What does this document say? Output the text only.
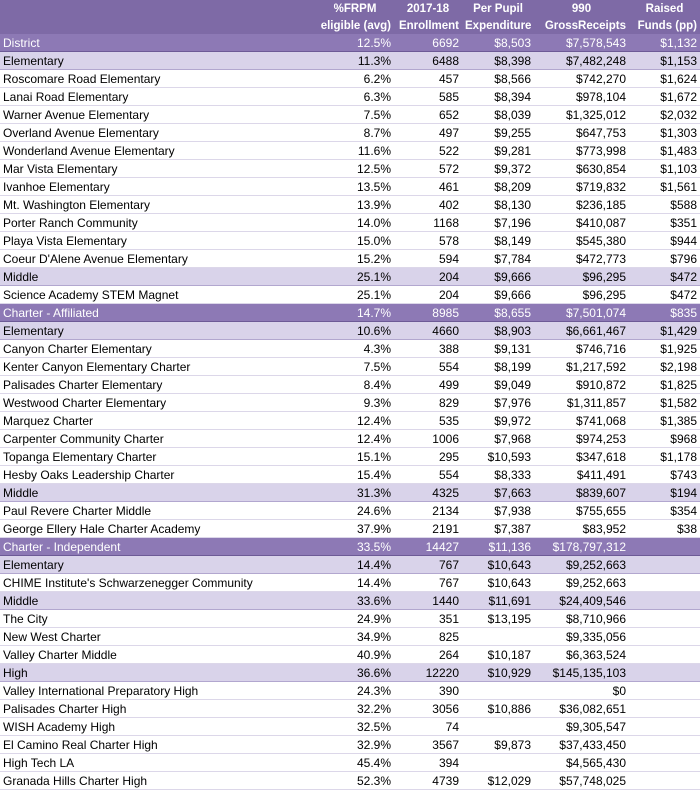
	%FRPM	2017-18	Per Pupil	990	Raised
	eligible (avg)	Enrollment	Expenditure	GrossReceipts	Funds (pp)
District	12.5%	6692	$8,503	$7,578,543	$1,132
Elementary	11.3%	6488	$8,398	$7,482,248	$1,153
Roscomare Road Elementary	6.2%	457	$8,566	$742,270	$1,624
Lanai Road Elementary	6.3%	585	$8,394	$978,104	$1,672
Warner Avenue Elementary	7.5%	652	$8,039	$1,325,012	$2,032
Overland Avenue Elementary	8.7%	497	$9,255	$647,753	$1,303
Wonderland Avenue Elementary	11.6%	522	$9,281	$773,998	$1,483
Mar Vista Elementary	12.5%	572	$9,372	$630,854	$1,103
Ivanhoe Elementary	13.5%	461	$8,209	$719,832	$1,561
Mt. Washington Elementary	13.9%	402	$8,130	$236,185	$588
Porter Ranch Community	14.0%	1168	$7,196	$410,087	$351
Playa Vista Elementary	15.0%	578	$8,149	$545,380	$944
Coeur D'Alene Avenue Elementary	15.2%	594	$7,784	$472,773	$796
Middle	25.1%	204	$9,666	$96,295	$472
Science Academy STEM Magnet	25.1%	204	$9,666	$96,295	$472
Charter - Affiliated	14.7%	8985	$8,655	$7,501,074	$835
Elementary	10.6%	4660	$8,903	$6,661,467	$1,429
Canyon Charter Elementary	4.3%	388	$9,131	$746,716	$1,925
Kenter Canyon Elementary Charter	7.5%	554	$8,199	$1,217,592	$2,198
Palisades Charter Elementary	8.4%	499	$9,049	$910,872	$1,825
Westwood Charter Elementary	9.3%	829	$7,976	$1,311,857	$1,582
Marquez Charter	12.4%	535	$9,972	$741,068	$1,385
Carpenter Community Charter	12.4%	1006	$7,968	$974,253	$968
Topanga Elementary Charter	15.1%	295	$10,593	$347,618	$1,178
Hesby Oaks Leadership Charter	15.4%	554	$8,333	$411,491	$743
Middle	31.3%	4325	$7,663	$839,607	$194
Paul Revere Charter Middle	24.6%	2134	$7,938	$755,655	$354
George Ellery Hale Charter Academy	37.9%	2191	$7,387	$83,952	$38
Charter - Independent	33.5%	14427	$11,136	$178,797,312	
Elementary	14.4%	767	$10,643	$9,252,663	
CHIME Institute's Schwarzenegger Community	14.4%	767	$10,643	$9,252,663	
Middle	33.6%	1440	$11,691	$24,409,546	
The City	24.9%	351	$13,195	$8,710,966	
New West Charter	34.9%	825		$9,335,056	
Valley Charter Middle	40.9%	264	$10,187	$6,363,524	
High	36.6%	12220	$10,929	$145,135,103	
Valley International Preparatory High	24.3%	390		$0	
Palisades Charter High	32.2%	3056	$10,886	$36,082,651	
WISH Academy High	32.5%	74		$9,305,547	
El Camino Real Charter High	32.9%	3567	$9,873	$37,433,450	
High Tech LA	45.4%	394		$4,565,430	
Granada Hills Charter High	52.3%	4739	$12,029	$57,748,025	
